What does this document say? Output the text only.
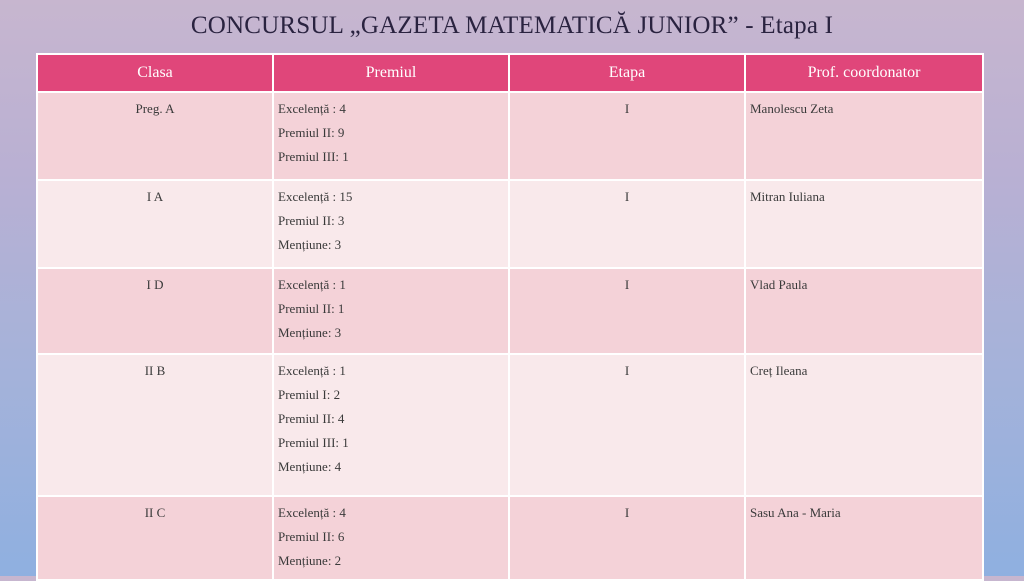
CONCURSUL „GAZETA MATEMATICĂ JUNIOR” - Etapa I
Clasa	Premiul	Etapa	Prof. coordonator
Preg. A	Excelență : 4
Premiul II: 9
Premiul III: 1	I	Manolescu Zeta
I A	Excelență : 15
Premiul II: 3
Mențiune: 3	I	Mitran Iuliana
I D	Excelență : 1
Premiul II: 1
Mențiune: 3	I	Vlad Paula
II B	Excelență : 1
Premiul I: 2
Premiul II: 4
Premiul III: 1
Mențiune: 4	I	Creț Ileana
II C	Excelență : 4
Premiul II: 6
Mențiune: 2	I	Sasu Ana - Maria
